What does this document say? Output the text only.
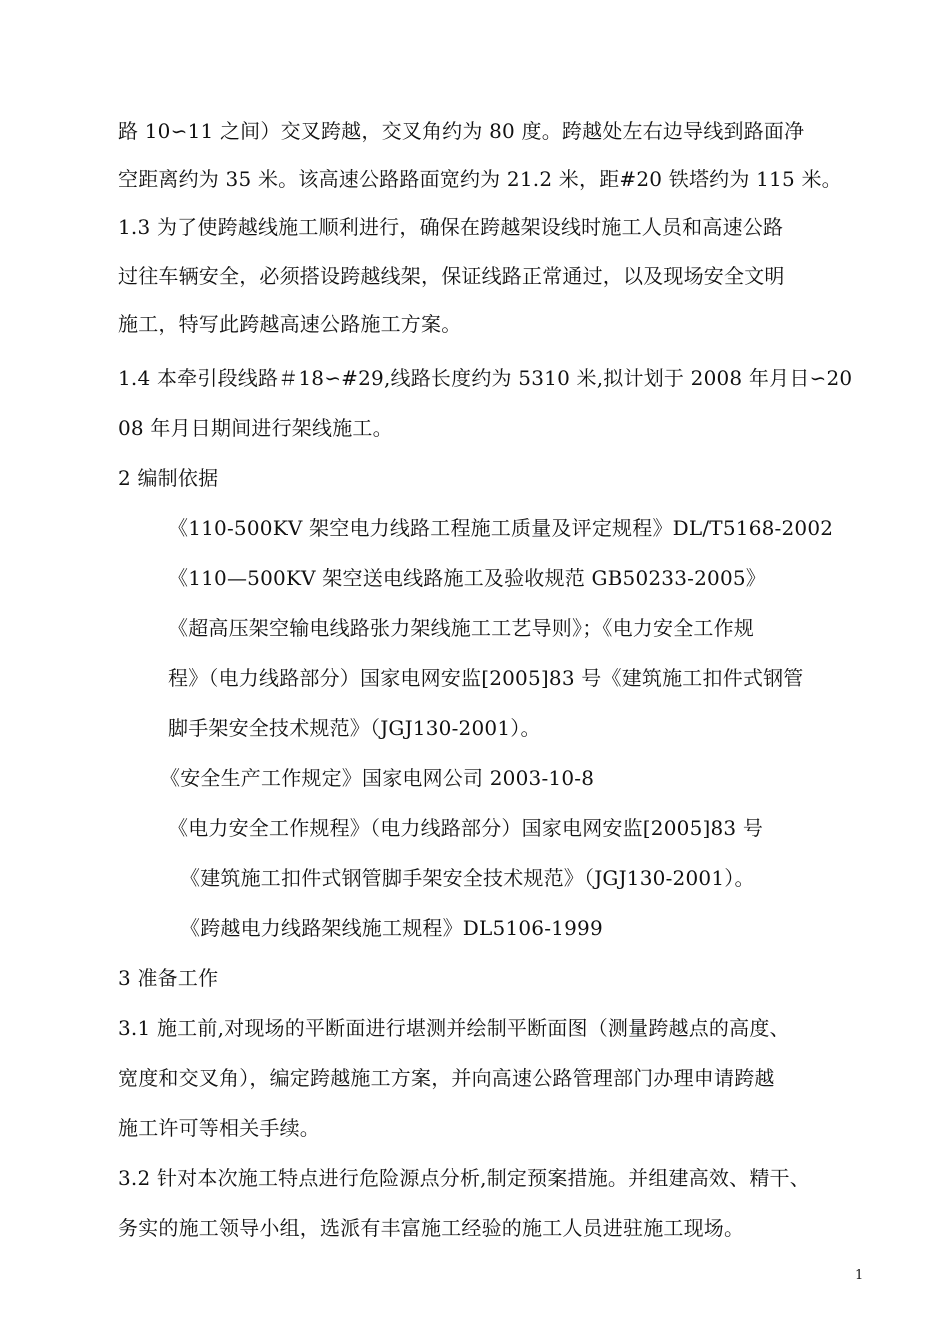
路 10∽11 之间）交叉跨越，交叉角约为 80 度。跨越处左右边导线到路面净
空距离约为 35 米。该高速公路路面宽约为 21.2 米，距#20 铁塔约为 115 米。
1.3 为了使跨越线施工顺利进行，确保在跨越架设线时施工人员和高速公路
过往车辆安全，必须搭设跨越线架，保证线路正常通过，以及现场安全文明
施工，特写此跨越高速公路施工方案。
1.4 本牵引段线路＃18∽#29,线路长度约为 5310 米,拟计划于 2008 年月日∽20
08 年月日期间进行架线施工。
2 编制依据
《110-500KV 架空电力线路工程施工质量及评定规程》DL/T5168-2002
《110—500KV 架空送电线路施工及验收规范 GB50233-2005》
《超高压架空输电线路张力架线施工工艺导则》；《电力安全工作规
程》（电力线路部分）国家电网安监[2005]83 号《建筑施工扣件式钢管
脚手架安全技术规范》（JGJ130-2001）。
《安全生产工作规定》国家电网公司 2003-10-8
《电力安全工作规程》（电力线路部分）国家电网安监[2005]83 号
《建筑施工扣件式钢管脚手架安全技术规范》（JGJ130-2001）。
《跨越电力线路架线施工规程》DL5106-1999
3 准备工作
3.1 施工前,对现场的平断面进行堪测并绘制平断面图（测量跨越点的高度、
宽度和交叉角），编定跨越施工方案，并向高速公路管理部门办理申请跨越
施工许可等相关手续。
3.2 针对本次施工特点进行危险源点分析,制定预案措施。并组建高效、精干、
务实的施工领导小组，选派有丰富施工经验的施工人员进驻施工现场。
1
